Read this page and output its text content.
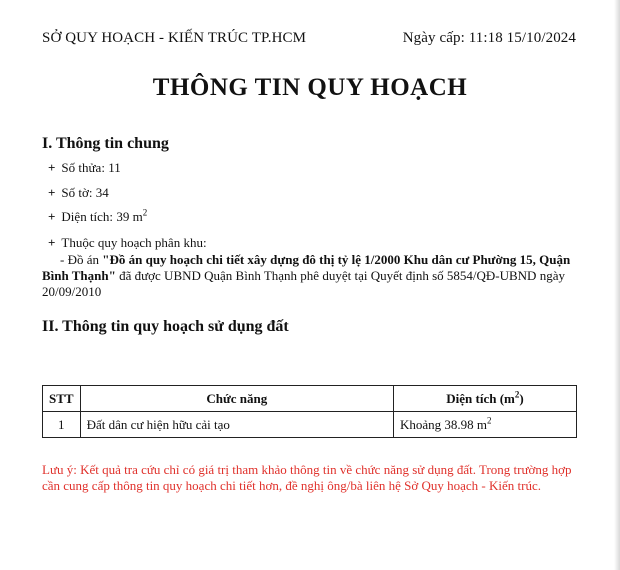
SỞ QUY HOẠCH - KIẾN TRÚC TP.HCM	Ngày cấp: 11:18 15/10/2024
THÔNG TIN QUY HOẠCH
I. Thông tin chung
+ Số thửa: 11
+ Số tờ: 34
+ Diện tích: 39 $m^2$
+ Thuộc quy hoạch phân khu:
- Đồ án "Đồ án quy hoạch chi tiết xây dựng đô thị tỷ lệ 1/2000 Khu dân cư Phường 15, Quận Bình Thạnh" đã được UBND Quận Bình Thạnh phê duyệt tại Quyết định số 5854/QĐ-UBND ngày 20/09/2010
II. Thông tin quy hoạch sử dụng đất
STT	Chức năng	Diện tích $(m^2)$
1	Đất dân cư hiện hữu cải tạo	Khoảng 38.98 $m^2$
Lưu ý: Kết quả tra cứu chỉ có giá trị tham khảo thông tin về chức năng sử dụng đất. Trong trường hợp cần cung cấp thông tin quy hoạch chi tiết hơn, đề nghị ông/bà liên hệ Sở Quy hoạch - Kiến trúc.
